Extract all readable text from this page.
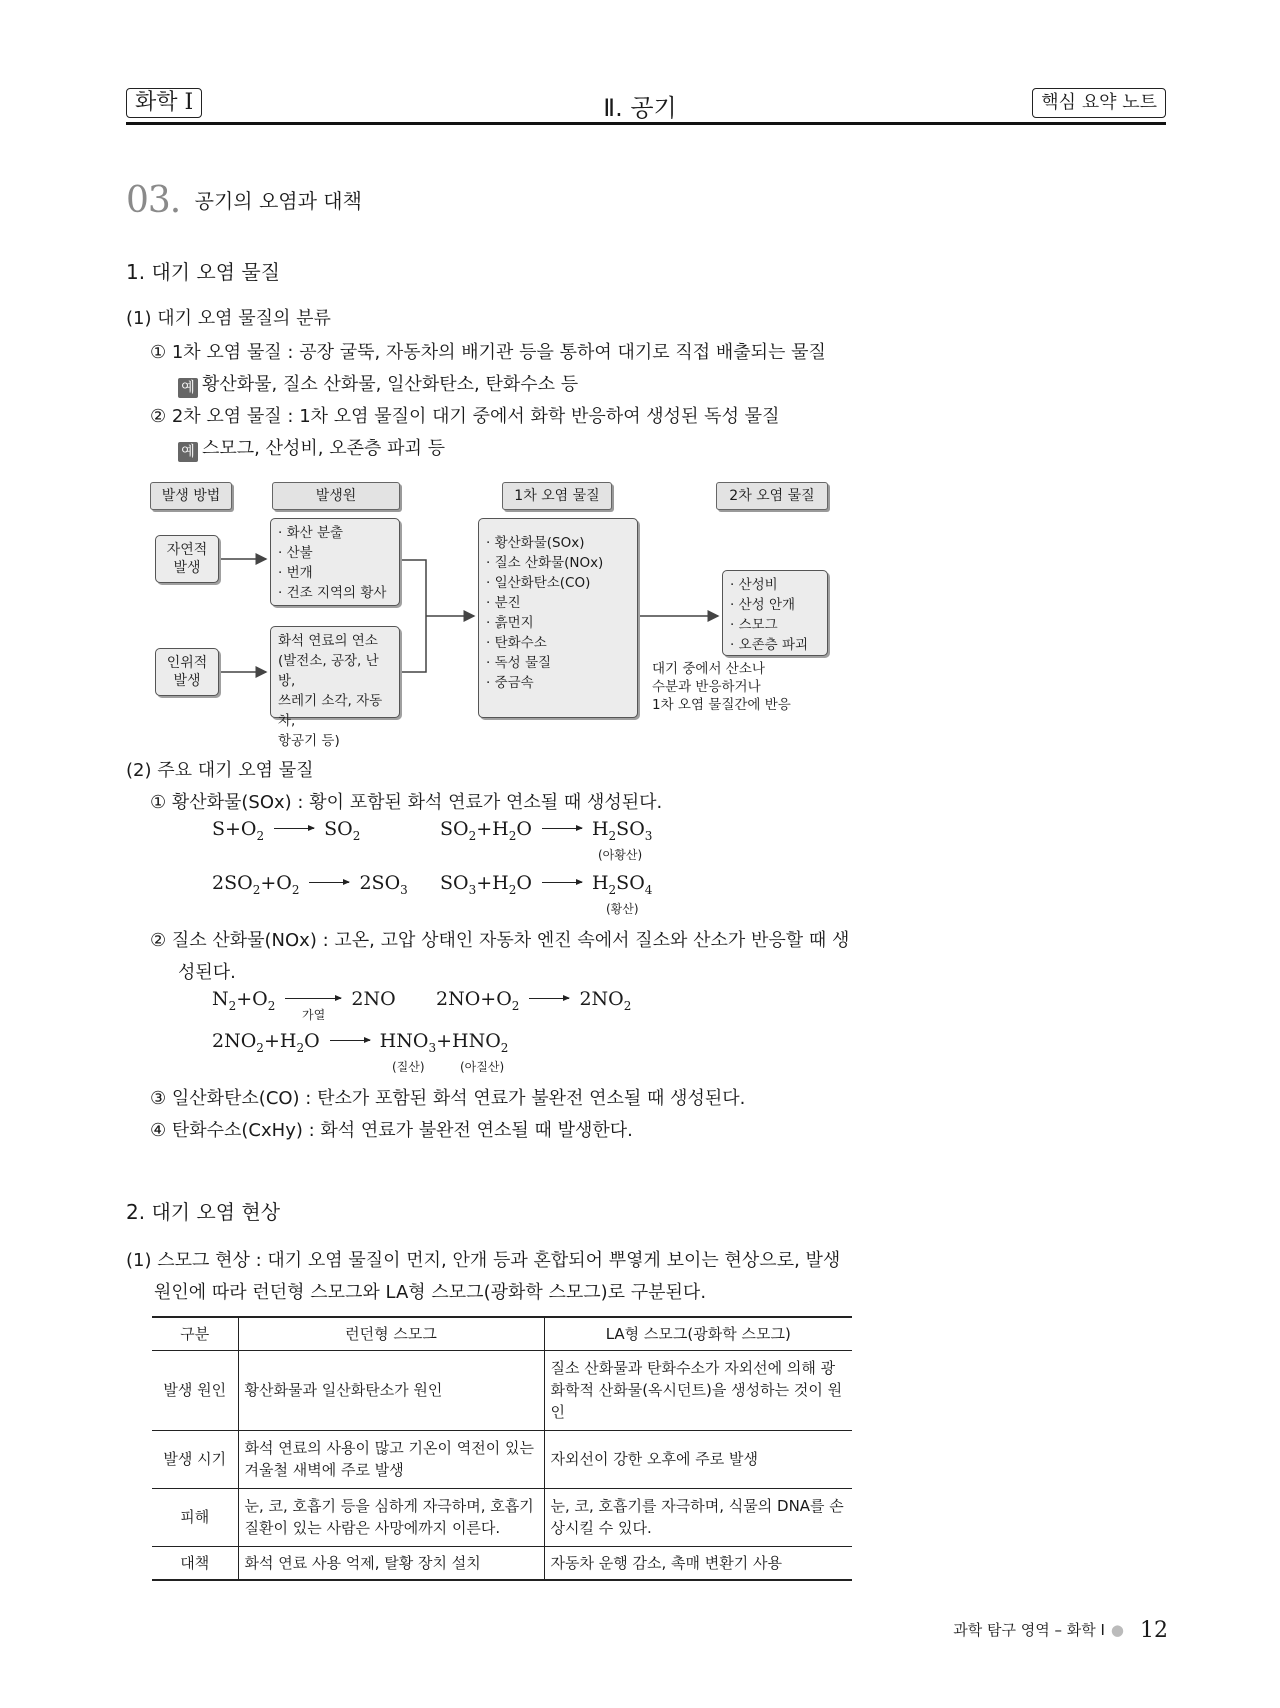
화학 I	Ⅱ. 공기	핵심 요약 노트
03. 공기의 오염과 대책
1. 대기 오염 물질
(1) 대기 오염 물질의 분류
① 1차 오염 물질 : 공장 굴뚝, 자동차의 배기관 등을 통하여 대기로 직접 배출되는 물질
예 황산화물, 질소 산화물, 일산화탄소, 탄화수소 등
② 2차 오염 물질 : 1차 오염 물질이 대기 중에서 화학 반응하여 생성된 독성 물질
예 스모그, 산성비, 오존층 파괴 등
발생 방법	발생원	1차 오염 물질	2차 오염 물질
자연적
발생
· 화산 분출
· 산불
· 번개
· 건조 지역의 황사
인위적
발생
화석 연료의 연소
(발전소, 공장, 난방,
쓰레기 소각, 자동차,
항공기 등)
· 황산화물(SOx)
· 질소 산화물(NOx)
· 일산화탄소(CO)
· 분진
· 흙먼지
· 탄화수소
· 독성 물질
· 중금속
· 산성비
· 산성 안개
· 스모그
· 오존층 파괴
대기 중에서 산소나
수분과 반응하거나
1차 오염 물질간에 반응
(2) 주요 대기 오염 물질
① 황산화물(SOx) : 황이 포함된 화석 연료가 연소될 때 생성된다.
$S+O_2$	$SO_2$	$SO_2+H_2O$	$H_2SO_3$
(아황산)
$2SO_2+O_2$	$2SO_3$ $SO_3+H_2O$	$H_2SO_4$
(황산)
② 질소 산화물(NOx) : 고온, 고압 상태인 자동차 엔진 속에서 질소와 산소가 반응할 때 생
성된다.
$N_2+O_2$	2NO
가열
$2NO+O_2$	$2NO_2$
$2NO_2+H_2O$	$HNO_3+HNO_2$
(질산)	(아질산)
③ 일산화탄소(CO) : 탄소가 포함된 화석 연료가 불완전 연소될 때 생성된다.
④ 탄화수소(CxHy) : 화석 연료가 불완전 연소될 때 발생한다.
2. 대기 오염 현상
(1) 스모그 현상 : 대기 오염 물질이 먼지, 안개 등과 혼합되어 뿌옇게 보이는 현상으로, 발생
원인에 따라 런던형 스모그와 LA형 스모그(광화학 스모그)로 구분된다.
구분	런던형 스모그	LA형 스모그(광화학 스모그)
발생 원인	황산화물과 일산화탄소가 원인	질소 산화물과 탄화수소가 자외선에 의해 광화학적 산화물(옥시던트)을 생성하는 것이 원인
발생 시기	화석 연료의 사용이 많고 기온이 역전이 있는 겨울철 새벽에 주로 발생	자외선이 강한 오후에 주로 발생
피해	눈, 코, 호흡기 등을 심하게 자극하며, 호흡기 질환이 있는 사람은 사망에까지 이른다.	눈, 코, 호흡기를 자극하며, 식물의 DNA를 손상시킬 수 있다.
대책	화석 연료 사용 억제, 탈황 장치 설치	자동차 운행 감소, 촉매 변환기 사용
과학 탐구 영역 – 화학 I ● 12
